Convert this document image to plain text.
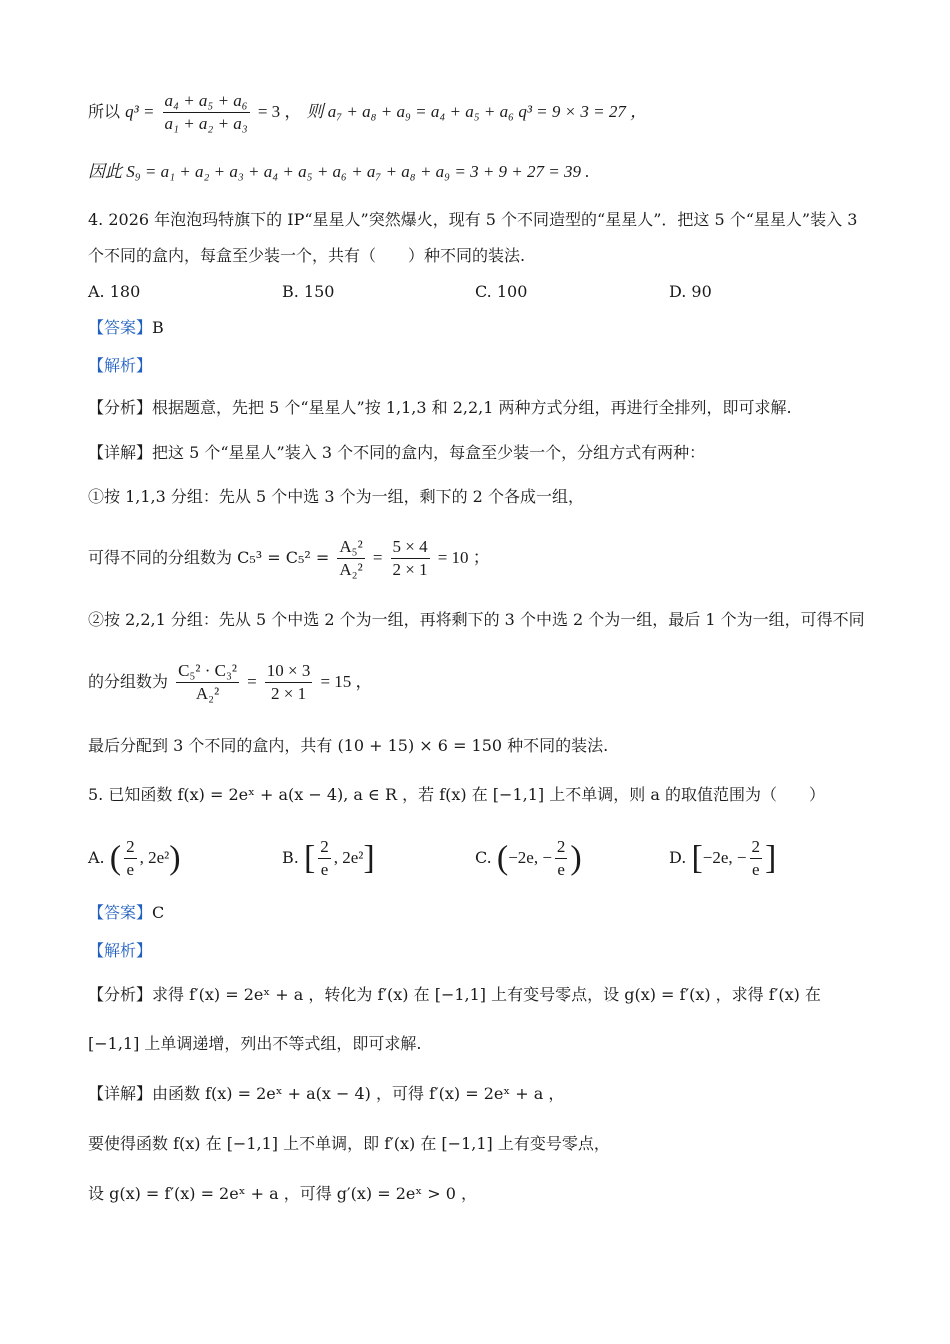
所以 $q^3 = \frac{\text{a₄ + a₅ + a₆}}{\text{a₁ + a₂ + a₃}} = 3$ ， 则 a₇ + a₈ + a₉ = a₄ + a₅ + a₆ q³ = 9 × 3 = 27 ，
因此 S₉ = a₁ + a₂ + a₃ + a₄ + a₅ + a₆ + a₇ + a₈ + a₉ = 3 + 9 + 27 = 39 .
4. 2026 年泡泡玛特旗下的 IP“星星人”突然爆火，现有 5 个不同造型的“星星人”．把这 5 个“星星人”装入 3
个不同的盒内，每盒至少装一个，共有（　　）种不同的装法.
A. 180	B. 150	C. 100	D. 90
【答案】B
【解析】
【分析】根据题意，先把 5 个“星星人”按 1,1,3 和 2,2,1 两种方式分组，再进行全排列，即可求解.
【详解】把这 5 个“星星人”装入 3 个不同的盒内，每盒至少装一个，分组方式有两种：
①按 1,1,3 分组：先从 5 个中选 3 个为一组，剩下的 2 个各成一组，
可得不同的分组数为 $C_5^3 = C_5^2 = \frac{\text{A₅²}}{\text{A₂²}} = \frac{5 \times 4}{2 \times 1} = 10$ ；
②按 2,2,1 分组：先从 5 个中选 2 个为一组，再将剩下的 3 个中选 2 个为一组，最后 1 个为一组，可得不同
的分组数为 $\frac{\text{C₅² · C₃²}}{\text{A₂²}} = \frac{10 \times 3}{2 \times 1} = 15$ ，
最后分配到 3 个不同的盒内，共有 (10 + 15) × 6 = 150 种不同的装法.
5. 已知函数 f(x) = 2eˣ + a(x − 4), a ∈ R ，若 f(x) 在 [−1,1] 上不单调，则 a 的取值范围为（　　）
A. ( $\frac{2}{e}$ , 2e²)	B. [ $\frac{2}{e}$ , 2e²]	C. (−2e, − $\frac{2}{e}$ )	D. [−2e, − $\frac{2}{e}$ ]
【答案】C
【解析】
【分析】求得 f′(x) = 2eˣ + a ，转化为 f′(x) 在 [−1,1] 上有变号零点，设 g(x) = f′(x) ，求得 f′(x) 在
[−1,1] 上单调递增，列出不等式组，即可求解.
【详解】由函数 f(x) = 2eˣ + a(x − 4) ，可得 f′(x) = 2eˣ + a ，
要使得函数 f(x) 在 [−1,1] 上不单调，即 f′(x) 在 [−1,1] 上有变号零点，
设 g(x) = f′(x) = 2eˣ + a ，可得 g′(x) = 2eˣ > 0 ，
